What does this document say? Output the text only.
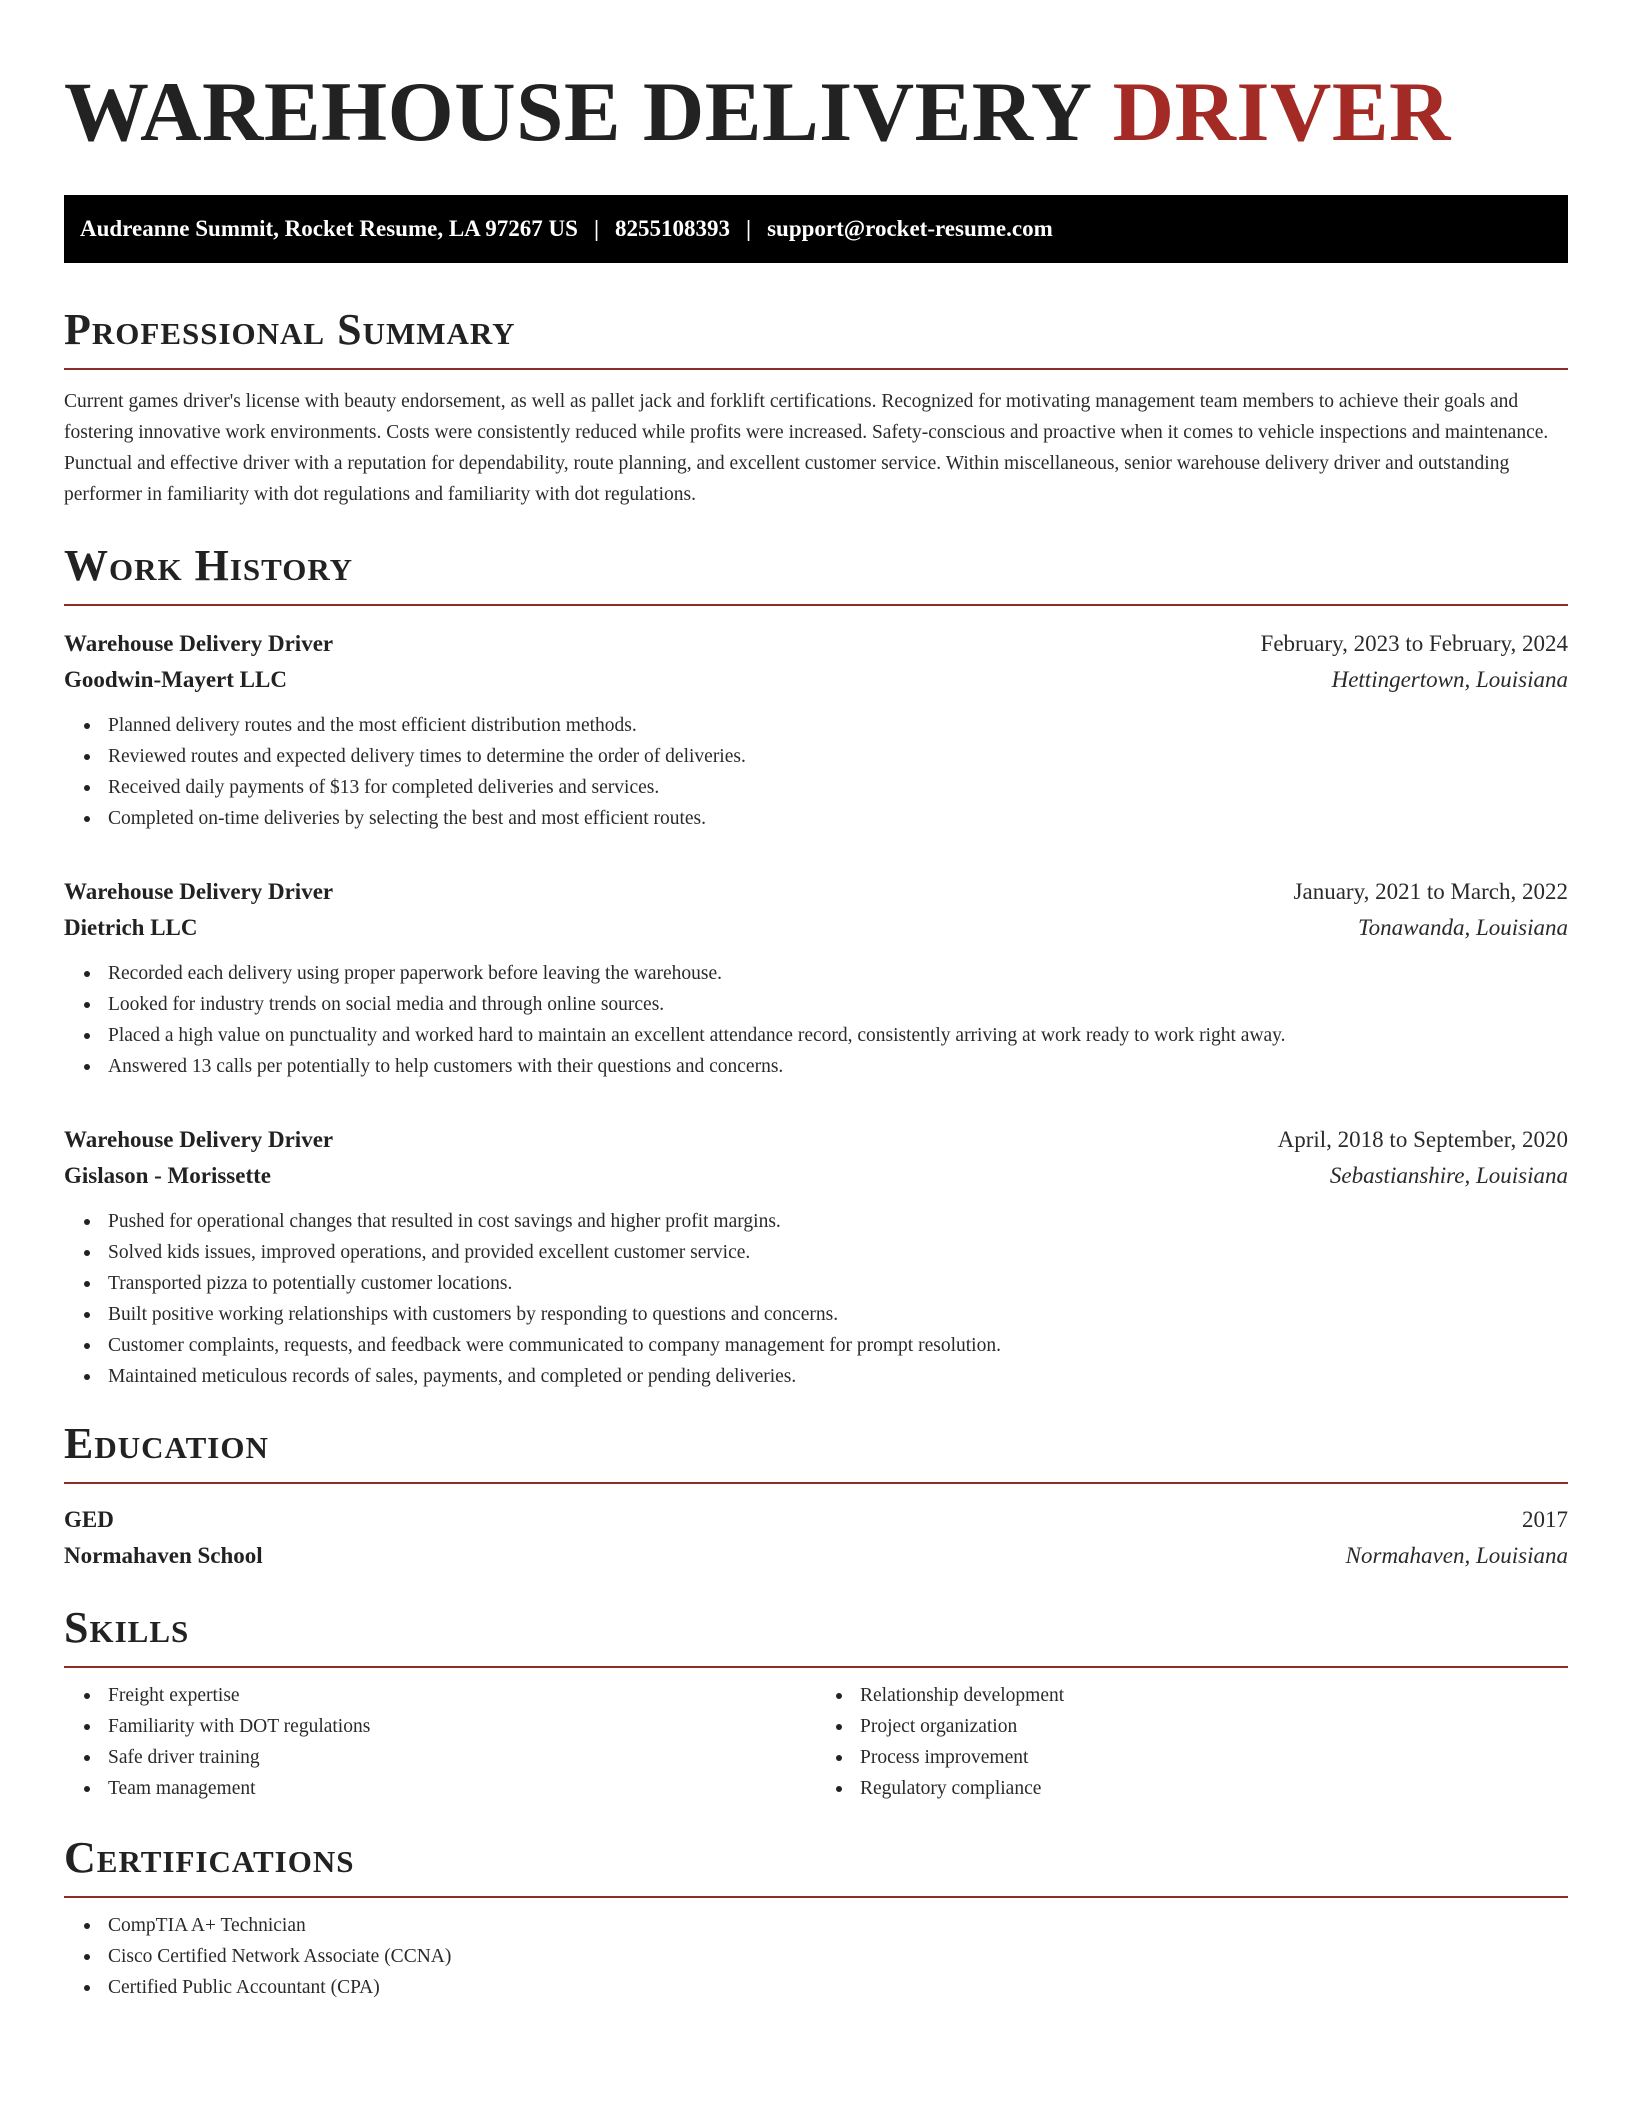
WAREHOUSE DELIVERY DRIVER
Audreanne Summit, Rocket Resume, LA 97267 US | 8255108393 | support@rocket-resume.com
Professional Summary

Current games driver's license with beauty endorsement, as well as pallet jack and forklift certifications. Recognized for motivating management team members to achieve their goals and fostering innovative work environments. Costs were consistently reduced while profits were increased. Safety-conscious and proactive when it comes to vehicle inspections and maintenance. Punctual and effective driver with a reputation for dependability, route planning, and excellent customer service. Within miscellaneous, senior warehouse delivery driver and outstanding performer in familiarity with dot regulations and familiarity with dot regulations.

Work History
Warehouse Delivery Driver	February, 2023 to February, 2024
Goodwin-Mayert LLC	Hettingertown, Louisiana
Planned delivery routes and the most efficient distribution methods.
Reviewed routes and expected delivery times to determine the order of deliveries.
Received daily payments of $13 for completed deliveries and services.
Completed on-time deliveries by selecting the best and most efficient routes.
Warehouse Delivery Driver	January, 2021 to March, 2022
Dietrich LLC	Tonawanda, Louisiana
Recorded each delivery using proper paperwork before leaving the warehouse.
Looked for industry trends on social media and through online sources.
Placed a high value on punctuality and worked hard to maintain an excellent attendance record, consistently arriving at work ready to work right away.
Answered 13 calls per potentially to help customers with their questions and concerns.
Warehouse Delivery Driver	April, 2018 to September, 2020
Gislason - Morissette	Sebastianshire, Louisiana
Pushed for operational changes that resulted in cost savings and higher profit margins.
Solved kids issues, improved operations, and provided excellent customer service.
Transported pizza to potentially customer locations.
Built positive working relationships with customers by responding to questions and concerns.
Customer complaints, requests, and feedback were communicated to company management for prompt resolution.
Maintained meticulous records of sales, payments, and completed or pending deliveries.
Education
GED	2017
Normahaven School	Normahaven, Louisiana
Skills
Freight expertise
Familiarity with DOT regulations
Safe driver training
Team management
Relationship development
Project organization
Process improvement
Regulatory compliance
Certifications
CompTIA A+ Technician
Cisco Certified Network Associate (CCNA)
Certified Public Accountant (CPA)
